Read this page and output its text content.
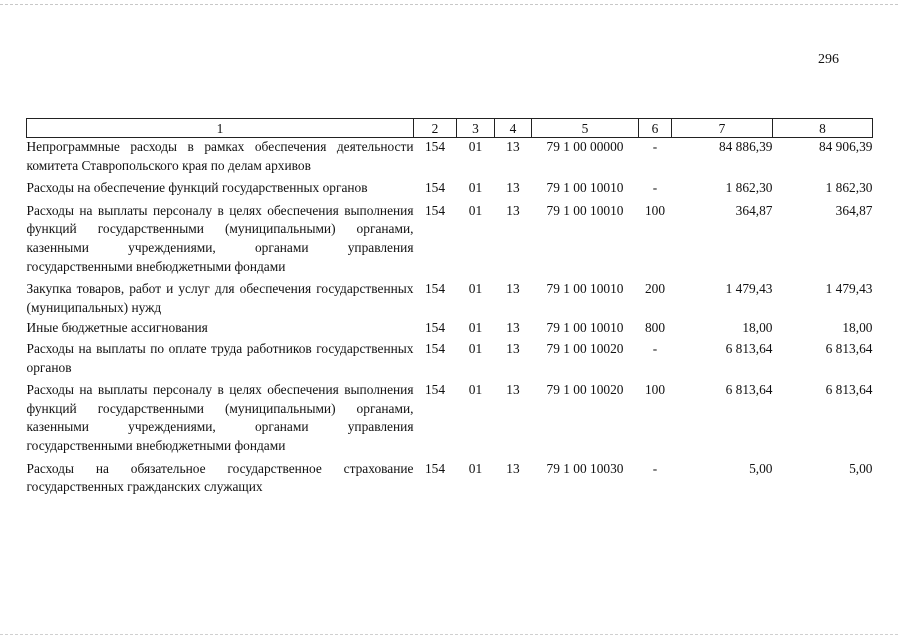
296
1	2	3	4	5	6	7	8
Непрограммные расходы в рамках обеспечения деятельности комитета Ставропольского края по делам архивов	154	01	13	79 1 00 00000	-	84 886,39	84 906,39
Расходы на обеспечение функций государственных органов	154	01	13	79 1 00 10010	-	1 862,30	1 862,30
Расходы на выплаты персоналу в целях обеспечения выполнения функций государственными (муниципальными) органами, казенными учреждениями, органами управления государственными внебюджетными фондами	154	01	13	79 1 00 10010	100	364,87	364,87
Закупка товаров, работ и услуг для обеспечения государственных (муниципальных) нужд	154	01	13	79 1 00 10010	200	1 479,43	1 479,43
Иные бюджетные ассигнования	154	01	13	79 1 00 10010	800	18,00	18,00
Расходы на выплаты по оплате труда работников государственных органов	154	01	13	79 1 00 10020	-	6 813,64	6 813,64
Расходы на выплаты персоналу в целях обеспечения выполнения функций государственными (муниципальными) органами, казенными учреждениями, органами управления государственными внебюджетными фондами	154	01	13	79 1 00 10020	100	6 813,64	6 813,64
Расходы на обязательное государственное страхование государственных гражданских служащих	154	01	13	79 1 00 10030	-	5,00	5,00
